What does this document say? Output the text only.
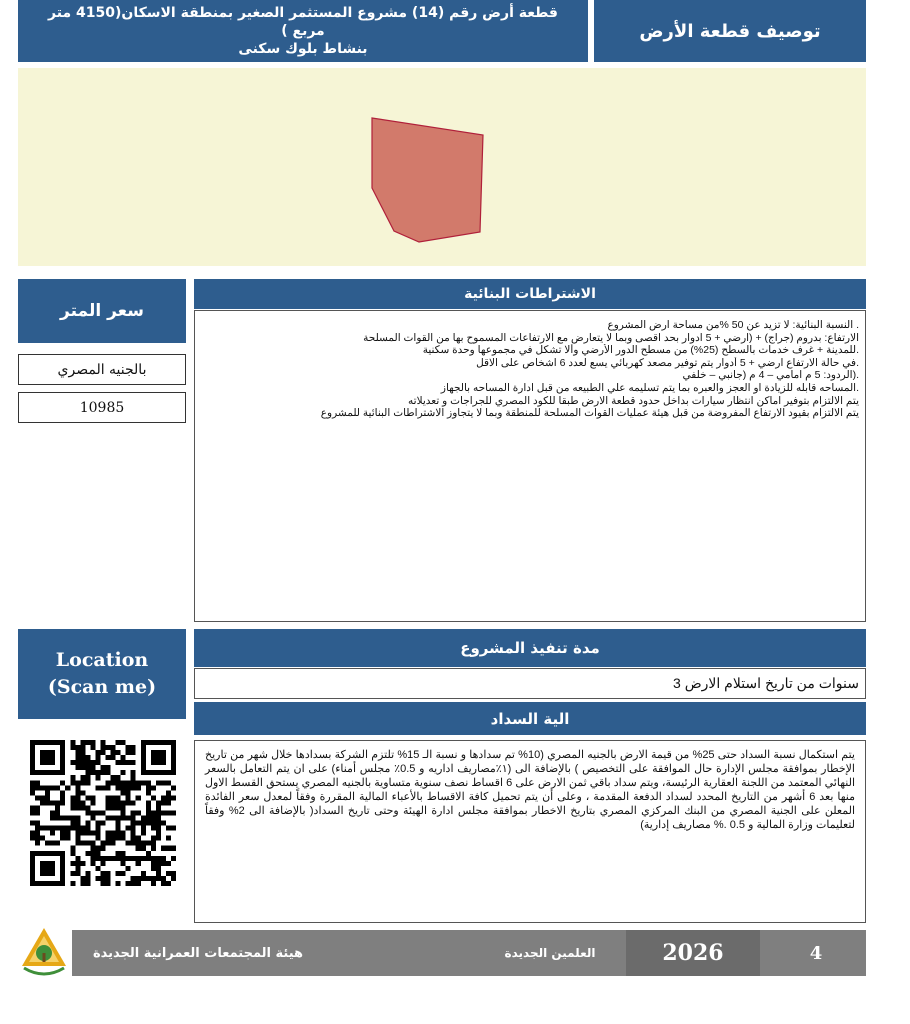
قطعة أرض رقم (14) مشروع المستثمر الصغير بمنطقة الاسكان(4150 متر مربع )
بنشاط بلوك سكنى
توصيف قطعة الأرض
سعر المتر
بالجنيه المصري
10985
الاشتراطات البنائية
. النسبة البنائية: لا تزيد عن 50 %من مساحة ارض المشروع
الارتفاع: بدروم (جراج) + (ارضي + 5 ادوار بحد اقصى وبما لا يتعارض مع الارتفاعات المسموح بها من القوات المسلحة
.للمدينة + غرف خدمات بالسطح (25%) من مسطح الدور الأرضي وألا تشكل في مجموعها وحدة سكنية
.في حالة الارتفاع ارضي + 5 أدوار يتم توفير مصعد كهربائي يسع لعدد 6 اشخاص على الاقل
.(الردود: 5 م امامي – 4 م (جانبي – خلفي
.المساحه قابله للزيادة او العجز والعبره بما يتم تسليمه علي الطبيعه من قبل ادارة المساحه بالجهاز
يتم الالتزام بتوفير اماكن انتظار سيارات بداخل حدود قطعة الارض طبقا للكود المصري للجراجات و تعديلاته
يتم الالتزام بقيود الارتفاع المفروضة من قبل هيئة عمليات القوات المسلحة للمنطقة وبما لا يتجاوز الاشتراطات البنائية للمشروع
Location
(Scan me)
مدة تنفيذ المشروع
سنوات من تاريخ استلام الارض 3
الية السداد
يتم استكمال نسبة السداد حتى 25% من قيمة الارض بالجنيه المصري (10% تم سدادها و نسبة الـ 15% تلتزم الشركة بسدادها خلال شهر من تاريخ الإخطار بموافقة مجلس الإدارة حال الموافقة على التخصيص ) بالإضافة الى (١٪مصاريف اداريه و 0.5٪ مجلس أمناء) على ان يتم التعامل بالسعر النهائي المعتمد من اللجنة العقارية الرئيسة، ويتم سداد باقي ثمن الارض على 6 اقساط نصف سنوية متساوية بالجنيه المصري يستحق القسط الاول منها بعد 6 أشهر من التاريخ المحدد لسداد الدفعة المقدمة ، وعلى أن يتم تحميل كافة الاقساط بالأعباء المالية المقررة وفقاً لمعدل سعر الفائدة المعلن على الجنية المصري من البنك المركزي المصري بتاريخ الاخطار بموافقة مجلس ادارة الهيئة وحتى تاريخ السداد( بالإضافة الى 2% وفقاً لتعليمات وزارة المالية و 0.5 .% مصاريف إدارية)
هيئة المجتمعات العمرانية الجديدة	العلمين الجديدة	2026	4
